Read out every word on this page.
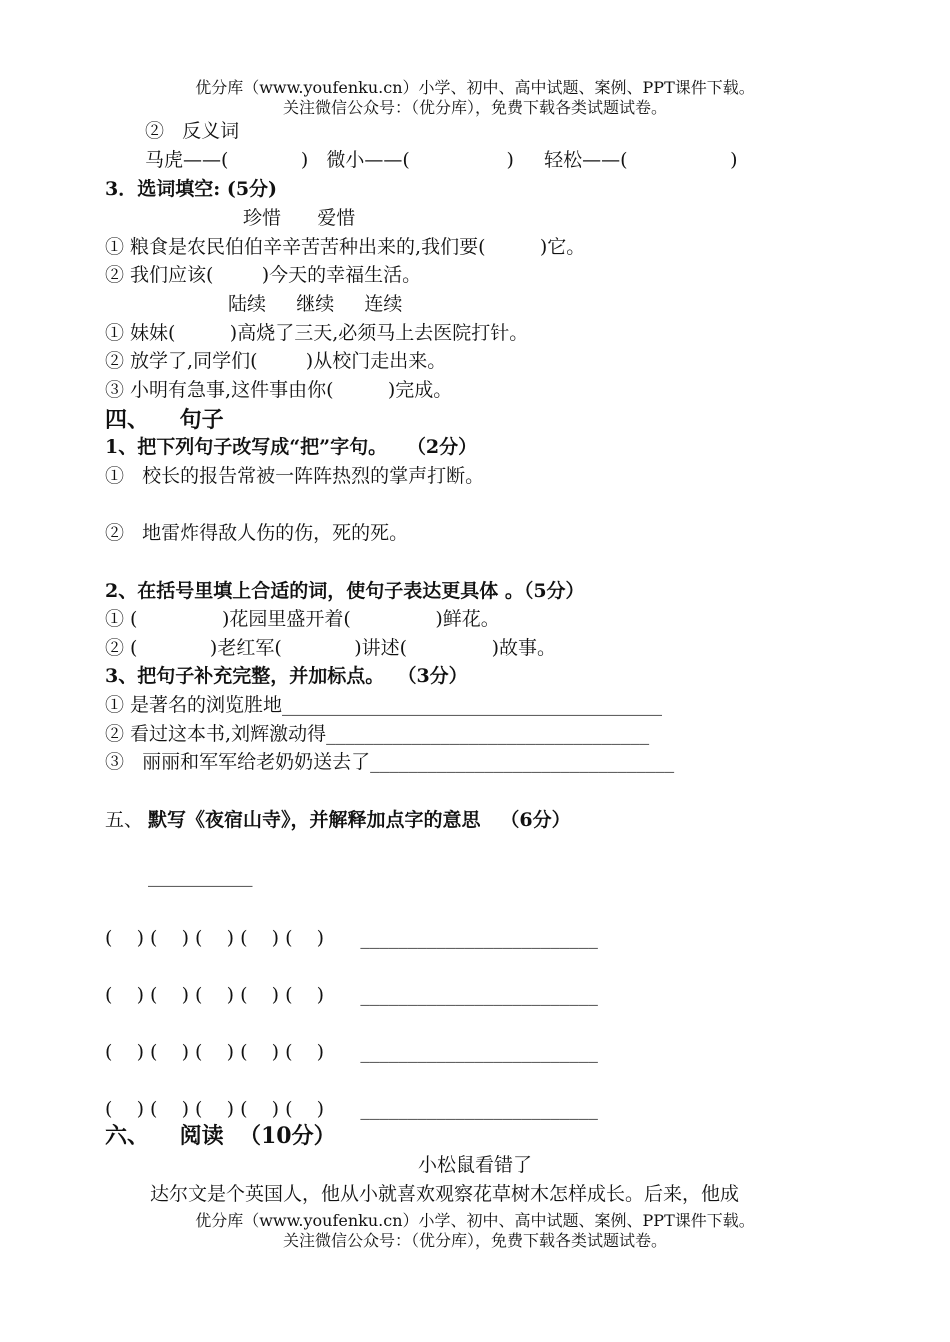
优分库（www.youfenku.cn）小学、初中、高中试题、案例、PPT课件下载。
关注微信公众号：（优分库），免费下载各类试题试卷。
②   反义词
马虎——(            )   微小——(                )     轻松——(                 )
3．选词填空: (5分)
珍惜      爱惜
① 粮食是农民伯伯辛辛苦苦种出来的,我们要(         )它。
② 我们应该(        )今天的幸福生活。
陆续     继续     连续
① 妹妹(         )高烧了三天,必须马上去医院打针。
② 放学了,同学们(        )从校门走出来。
③ 小明有急事,这件事由你(         )完成。
四、    句子
1、把下列句子改写成“把”字句。   （2分）
①   校长的报告常被一阵阵热烈的掌声打断。
②   地雷炸得敌人伤的伤，死的死。
2、在括号里填上合适的词，使句子表达更具体 。（5分）
① (              )花园里盛开着(              )鲜花。
② (            )老红军(            )讲述(              )故事。
3、把句子补充完整，并加标点。  （3分）
① 是著名的浏览胜地________________________________________
② 看过这本书,刘辉激动得__________________________________
③   丽丽和军军给老奶奶送去了________________________________
五、 默写《夜宿山寺》，并解释加点字的意思   （6分）
___________
(    ) (    ) (    ) (    ) (    )      _________________________
(    ) (    ) (    ) (    ) (    )      _________________________
(    ) (    ) (    ) (    ) (    )      _________________________
(    ) (    ) (    ) (    ) (    )      _________________________
六、    阅读  （10分）
小松鼠看错了
达尔文是个英国人，他从小就喜欢观察花草树木怎样成长。后来，他成
优分库（www.youfenku.cn）小学、初中、高中试题、案例、PPT课件下载。
关注微信公众号：（优分库），免费下载各类试题试卷。
